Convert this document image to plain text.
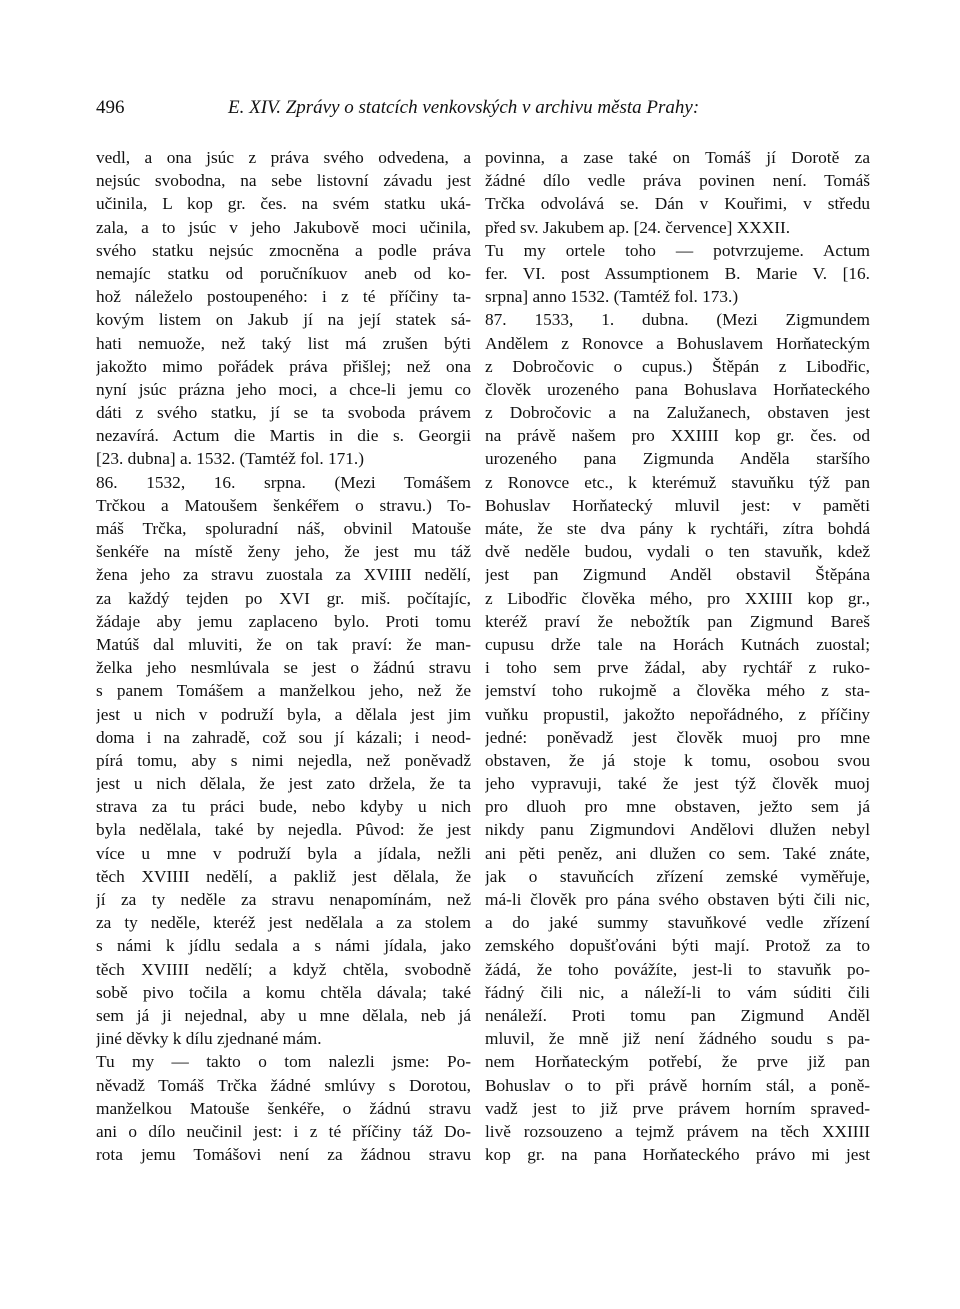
496	E. XIV. Zprávy o statcích venkovských v archivu města Prahy:
vedl, a ona jsúc z práva svého odvedena, a
nejsúc svobodna, na sebe listovní závadu jest
učinila, L kop gr. čes. na svém statku uká-
zala, a to jsúc v jeho Jakubově moci učinila,
svého statku nejsúc zmocněna a podle práva
nemajíc statku od poručníkuov aneb od ko-
hož náleželo postoupeného: i z té příčiny ta-
kovým listem on Jakub jí na její statek sá-
hati nemuože, než taký list má zrušen býti
jakožto mimo pořádek práva přišlej; než ona
nyní jsúc prázna jeho moci, a chce-li jemu co
dáti z svého statku, jí se ta svoboda právem
nezavírá. Actum die Martis in die s. Georgii
[23. dubna] a. 1532. (Tamtéž fol. 171.)
86. 1532, 16. srpna. (Mezi Tomášem
Trčkou a Matoušem šenkéřem o stravu.) To-
máš Trčka, spoluradní náš, obvinil Matouše
šenkéře na místě ženy jeho, že jest mu táž
žena jeho za stravu zuostala za XVIIII nedělí,
za každý tejden po XVI gr. miš. počítajíc,
žádaje aby jemu zaplaceno bylo. Proti tomu
Matúš dal mluviti, že on tak praví: že man-
želka jeho nesmlúvala se jest o žádnú stravu
s panem Tomášem a manželkou jeho, než že
jest u nich v podruží byla, a dělala jest jim
doma i na zahradě, což sou jí kázali; i neod-
pírá tomu, aby s nimi nejedla, než poněvadž
jest u nich dělala, že jest zato držela, že ta
strava za tu práci bude, nebo kdyby u nich
byla nedělala, také by nejedla. Pûvod: že jest
více u mne v podruží byla a jídala, nežli
těch XVIIII nedělí, a pakliž jest dělala, že
jí za ty neděle za stravu nenapomínám, než
za ty neděle, kteréž jest nedělala a za stolem
s námi k jídlu sedala a s námi jídala, jako
těch XVIIII nedělí; a když chtěla, svobodně
sobě pivo točila a komu chtěla dávala; také
sem já ji nejednal, aby u mne dělala, neb já
jiné děvky k dílu zjednané mám.
Tu my — takto o tom nalezli jsme: Po-
něvadž Tomáš Trčka žádné smlúvy s Dorotou,
manželkou Matouše šenkéře, o žádnú stravu
ani o dílo neučinil jest: i z té příčiny táž Do-
rota jemu Tomášovi není za žádnou stravu
povinna, a zase také on Tomáš jí Dorotě za
žádné dílo vedle práva povinen není. Tomáš
Trčka odvolává se. Dán v Kouřimi, v středu
před sv. Jakubem ap. [24. července] XXXII.
Tu my ortele toho — potvrzujeme. Actum
fer. VI. post Assumptionem B. Marie V. [16.
srpna] anno 1532. (Tamtéž fol. 173.)
87. 1533, 1. dubna. (Mezi Zigmundem
Andělem z Ronovce a Bohuslavem Horňateckým
z Dobročovic o cupus.) Štěpán z Libodřic,
člověk urozeného pana Bohuslava Horňateckého
z Dobročovic a na Zalužanech, obstaven jest
na právě našem pro XXIIII kop gr. čes. od
urozeného pana Zigmunda Anděla staršího
z Ronovce etc., k kterémuž stavuňku týž pan
Bohuslav Horňatecký mluvil jest: v paměti
máte, že ste dva pány k rychtáři, zítra bohdá
dvě neděle budou, vydali o ten stavuňk, kdež
jest pan Zigmund Anděl obstavil Štěpána
z Libodřic člověka mého, pro XXIIII kop gr.,
kteréž praví že nebožtík pan Zigmund Bareš
cupusu drže tale na Horách Kutnách zuostal;
i toho sem prve žádal, aby rychtář z ruko-
jemství toho rukojmě a člověka mého z sta-
vuňku propustil, jakožto nepořádného, z příčiny
jedné: poněvadž jest člověk muoj pro mne
obstaven, že já stoje k tomu, osobou svou
jeho vypravuji, také že jest týž člověk muoj
pro dluoh pro mne obstaven, ježto sem já
nikdy panu Zigmundovi Andělovi dlužen nebyl
ani pěti peněz, ani dlužen co sem. Také znáte,
jak o stavuňcích zřízení zemské vyměřuje,
má-li člověk pro pána svého obstaven býti čili nic,
a do jaké summy stavuňkové vedle zřízení
zemského dopušťováni býti mají. Protož za to
žádá, že toho povážíte, jest-li to stavuňk po-
řádný čili nic, a náleží-li to vám súditi čili
nenáleží. Proti tomu pan Zigmund Anděl
mluvil, že mně již není žádného soudu s pa-
nem Horňateckým potřebí, že prve již pan
Bohuslav o to při právě horním stál, a poně-
vadž jest to již prve právem horním spraved-
livě rozsouzeno a tejmž právem na těch XXIIII
kop gr. na pana Horňateckého právo mi jest
